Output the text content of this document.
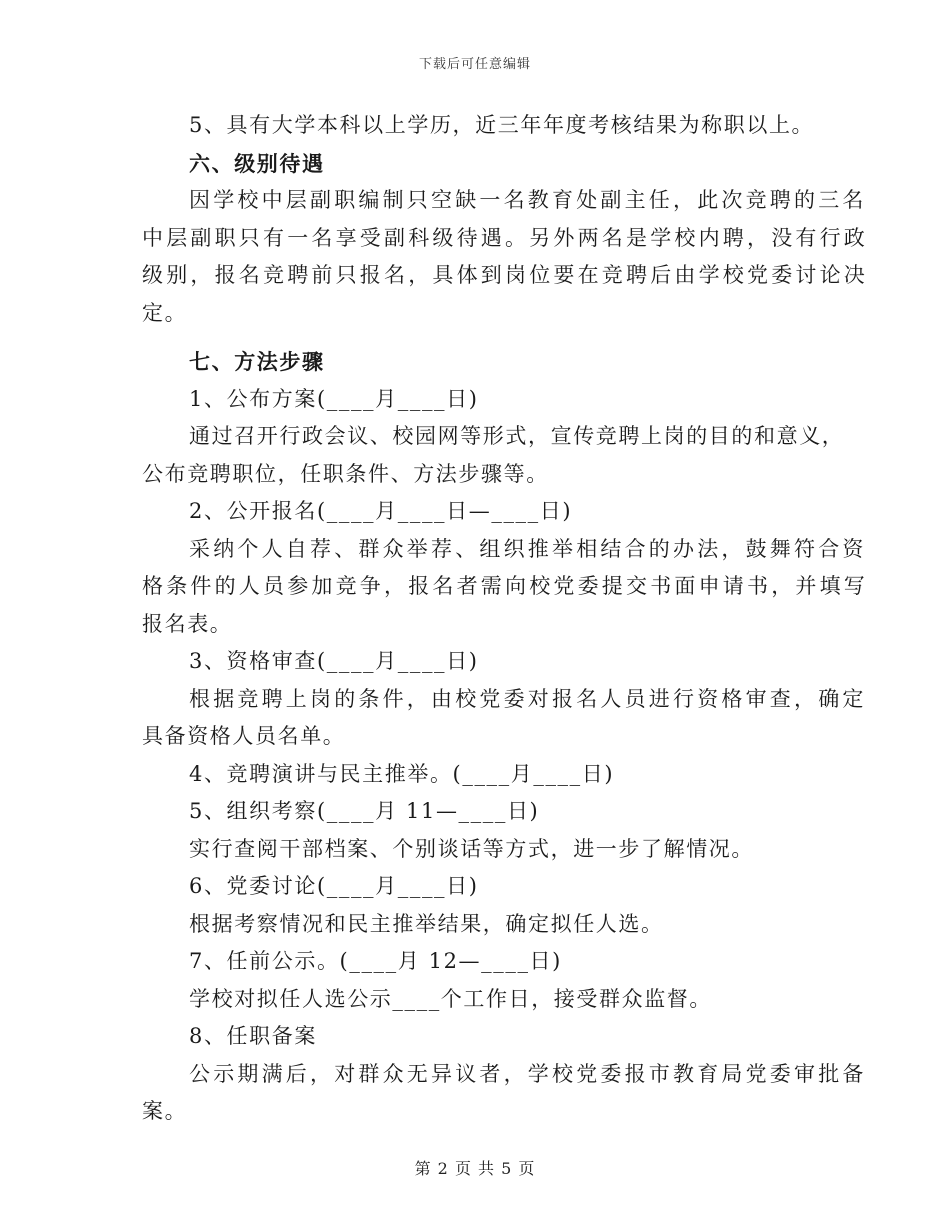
下载后可任意编辑
5、具有大学本科以上学历，近三年年度考核结果为称职以上。
六、级别待遇
因学校中层副职编制只空缺一名教育处副主任，此次竞聘的三名
中层副职只有一名享受副科级待遇。另外两名是学校内聘，没有行政
级别，报名竞聘前只报名，具体到岗位要在竞聘后由学校党委讨论决
定。
七、方法步骤
1、公布方案(____月____日)
通过召开行政会议、校园网等形式，宣传竞聘上岗的目的和意义，
公布竞聘职位，任职条件、方法步骤等。
2、公开报名(____月____日—____日)
采纳个人自荐、群众举荐、组织推举相结合的办法，鼓舞符合资
格条件的人员参加竞争，报名者需向校党委提交书面申请书，并填写
报名表。
3、资格审查(____月____日)
根据竞聘上岗的条件，由校党委对报名人员进行资格审查，确定
具备资格人员名单。
4、竞聘演讲与民主推举。(____月____日)
5、组织考察(____月 11—____日)
实行查阅干部档案、个别谈话等方式，进一步了解情况。
6、党委讨论(____月____日)
根据考察情况和民主推举结果，确定拟任人选。
7、任前公示。(____月 12—____日)
学校对拟任人选公示____个工作日，接受群众监督。
8、任职备案
公示期满后，对群众无异议者，学校党委报市教育局党委审批备
案。
第 2 页 共 5 页
